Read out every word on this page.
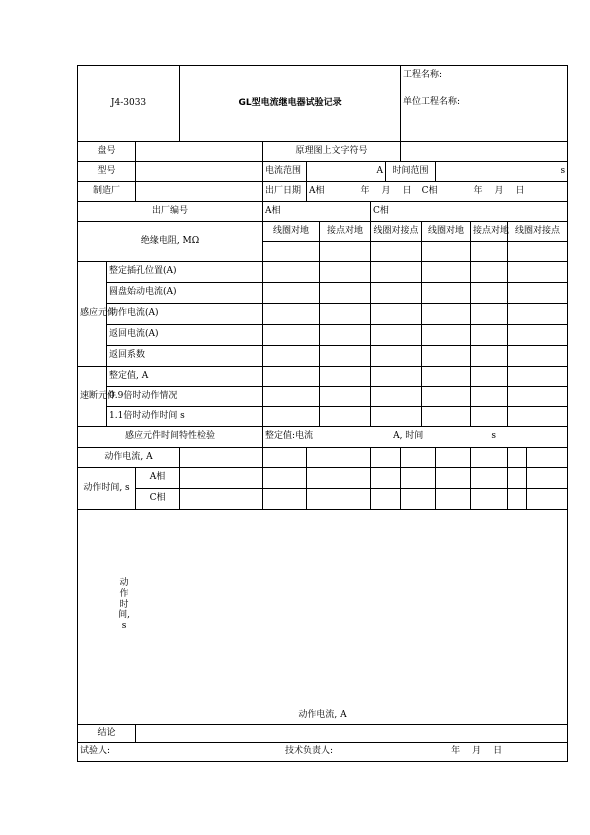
J4-3033			GL型电流继电器试验记录						工程名称:
单位工程名称:					

盘号				原理图上文字符号										
型号				电流范围	A			时间范围			s			
制造厂				出厂日期	A相 年 月 日 C相 年 月 日									
出厂编号				A相			C相							
绝缘电阻, MΩ				线圈对地		接点对地	线圈对接点			线圈对地		接点对地	线圈对接点	

感应元件	整定插孔位置(A)													
	圆盘始动电流(A)													
	动作电流(A)													
	返回电流(A)													
	返回系数													
速断元件	整定值, A													
	0.9倍时动作情况													
	1.1倍时动作时间 s													
感应元件时间特性检验				整定值:电流 A, 时间 s										
动作电流, A														
动作时间, s		A相												
		C相												

动作时间,s
动作电流, A														

结论														
试验人: 技术负责人: 年 月 日														
